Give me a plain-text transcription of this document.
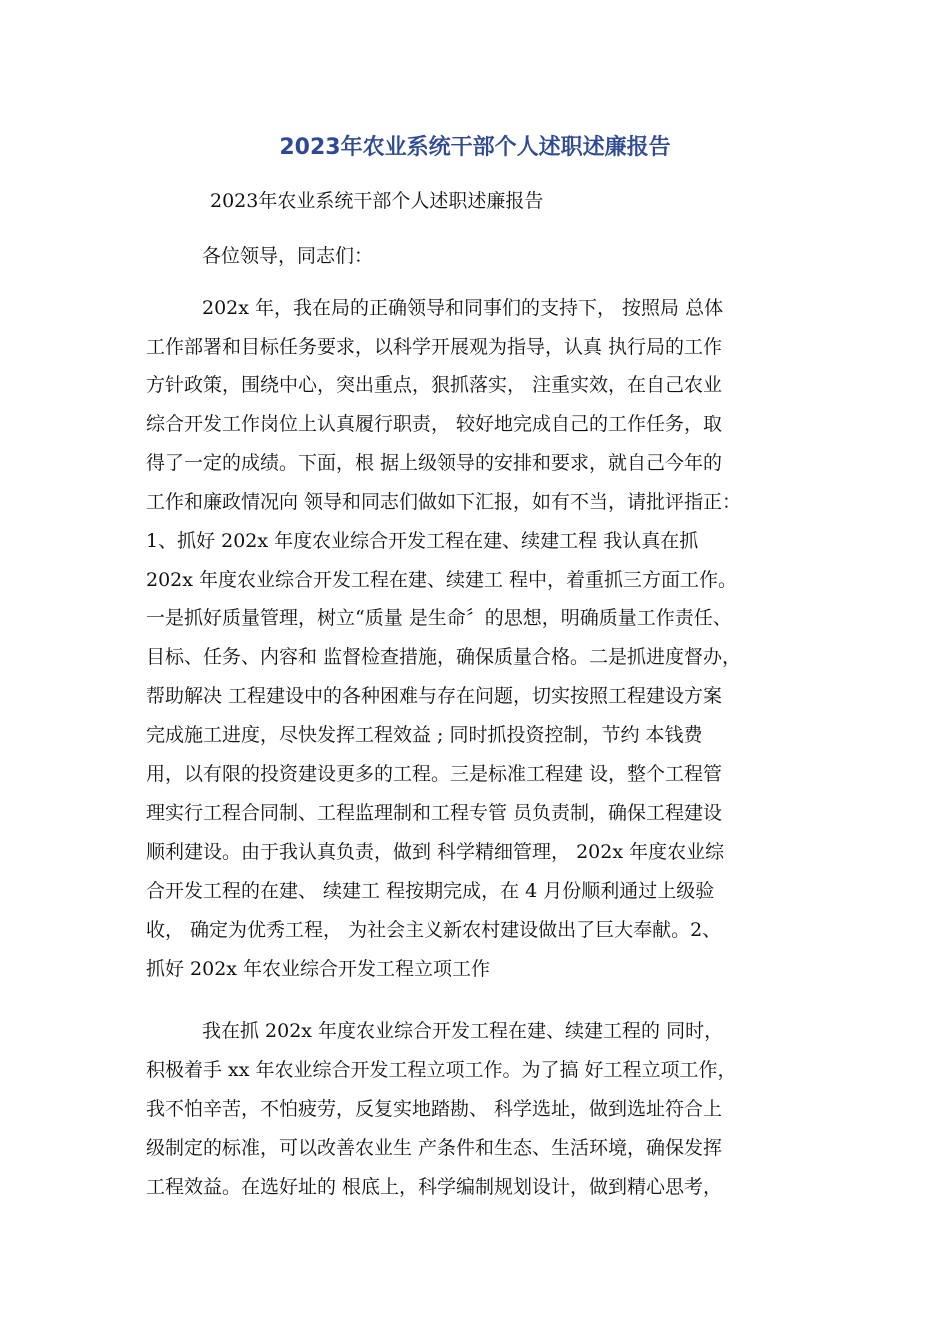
2023年农业系统干部个人述职述廉报告

2023年农业系统干部个人述职述廉报告

各位领导，同志们：

202x 年，我在局的正确领导和同事们的支持下， 按照局 总体

工作部署和目标任务要求，以科学开展观为指导，认真 执行局的工作

方针政策，围绕中心，突出重点，狠抓落实， 注重实效，在自己农业

综合开发工作岗位上认真履行职责， 较好地完成自己的工作任务，取

得了一定的成绩。下面，根 据上级领导的安排和要求，就自己今年的

工作和廉政情况向 领导和同志们做如下汇报，如有不当，请批评指正：

1、抓好 202x 年度农业综合开发工程在建、续建工程 我认真在抓

202x 年度农业综合开发工程在建、续建工 程中，着重抓三方面工作。

一是抓好质量管理，树立“质量 是生命〞的思想，明确质量工作责任、

目标、任务、内容和 监督检查措施，确保质量合格。二是抓进度督办，

帮助解决 工程建设中的各种困难与存在问题，切实按照工程建设方案

完成施工进度，尽快发挥工程效益 ; 同时抓投资控制，节约 本钱费

用，以有限的投资建设更多的工程。三是标准工程建 设，整个工程管

理实行工程合同制、工程监理制和工程专管 员负责制，确保工程建设

顺利建设。由于我认真负责，做到 科学精细管理， 202x 年度农业综

合开发工程的在建、 续建工 程按期完成，在 4 月份顺利通过上级验

收， 确定为优秀工程， 为社会主义新农村建设做出了巨大奉献。2、

抓好 202x 年农业综合开发工程立项工作

我在抓 202x 年度农业综合开发工程在建、续建工程的 同时，

积极着手 xx 年农业综合开发工程立项工作。为了搞 好工程立项工作，

我不怕辛苦，不怕疲劳，反复实地踏勘、 科学选址，做到选址符合上

级制定的标准，可以改善农业生 产条件和生态、生活环境，确保发挥

工程效益。在选好址的 根底上，科学编制规划设计，做到精心思考，
